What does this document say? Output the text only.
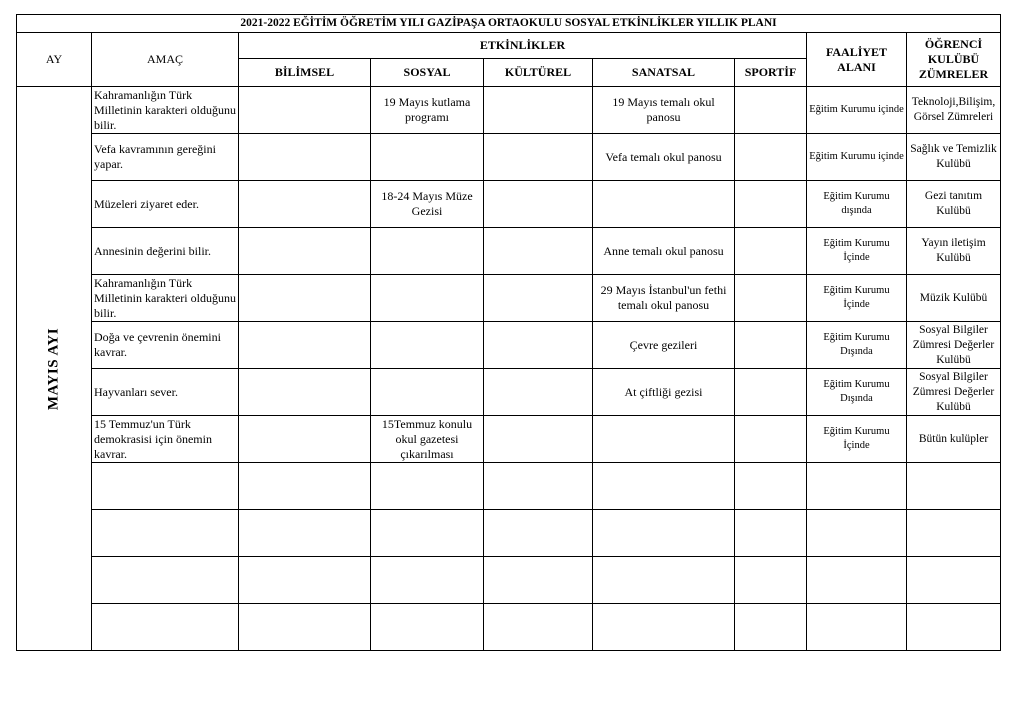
2021-2022 EĞİTİM ÖĞRETİM YILI GAZİPAŞA ORTAOKULU SOSYAL ETKİNLİKLER YILLIK PLANI								
AY	AMAÇ	ETKİNLİKLER					FAALİYET ALANI	ÖĞRENCİ KULÜBÜ ZÜMRELER
		BİLİMSEL	SOSYAL	KÜLTÜREL	SANATSAL	SPORTİF		

MAYIS AYI	Kahramanlığın Türk Milletinin karakteri olduğunu bilir.		19 Mayıs kutlama programı		19 Mayıs temalı okul panosu		Eğitim Kurumu içinde	Teknoloji,Bilişim, Görsel Zümreleri
	Vefa kavramının gereğini yapar.				Vefa temalı okul panosu		Eğitim Kurumu içinde	Sağlık ve Temizlik Kulübü
	Müzeleri ziyaret eder.		18-24 Mayıs Müze Gezisi				Eğitim Kurumu dışında	Gezi tanıtım Kulübü
	Annesinin değerini bilir.				Anne temalı okul panosu		Eğitim Kurumu İçinde	Yayın iletişim Kulübü
	Kahramanlığın Türk Milletinin karakteri olduğunu bilir.				29 Mayıs İstanbul'un fethi temalı okul panosu		Eğitim Kurumu İçinde	Müzik Kulübü
	Doğa ve çevrenin önemini kavrar.				Çevre gezileri		Eğitim Kurumu Dışında	Sosyal Bilgiler Zümresi Değerler Kulübü
	Hayvanları sever.				At çiftliği gezisi		Eğitim Kurumu Dışında	Sosyal Bilgiler Zümresi Değerler Kulübü
	15 Temmuz'un Türk demokrasisi için önemin kavrar.		15Temmuz konulu okul gazetesi çıkarılması				Eğitim Kurumu İçinde	Bütün kulüpler
